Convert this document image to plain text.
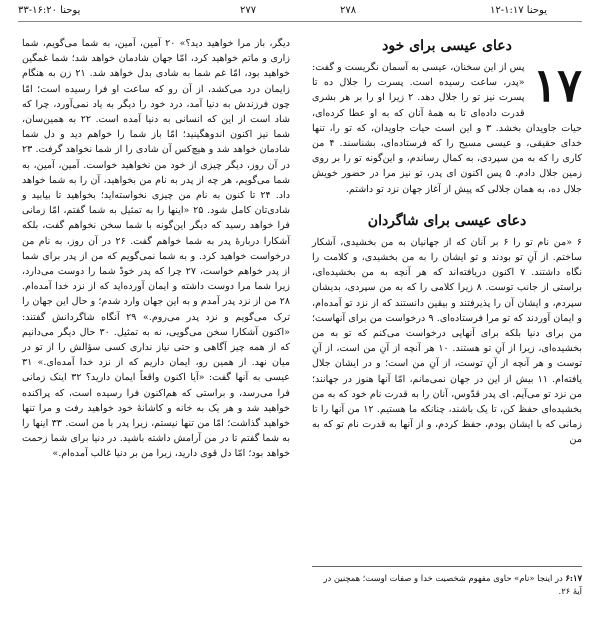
یوحنا ۱۶:۲۰-۳۳	۲۷۷	۲۷۸	یوحنا ۱:۱۷-۱۲

دیگر، باز مرا خواهید دید؟» ۲۰ آمین، آمین، به شما می‌گویم، شما زاری و ماتم خواهید کرد، امّا جهان شادمان خواهد شد؛ شما غمگین خواهید بود، امّا غم شما به شادی بدل خواهد شد. ۲۱ زن به هنگام زایمان درد می‌کشد، از آن رو که ساعت او فرا رسیده است؛ امّا چون فرزندش به دنیا آمد، درد خود را دیگر به یاد نمی‌آورد، چرا که شاد است از این که انسانی به دنیا آمده است. ۲۲ به همین‌سان، شما نیز اکنون اندوهگینید؛ امّا باز شما را خواهم دید و دل شما شادمان خواهد شد و هیچ‌کس آن شادی را از شما نخواهد گرفت. ۲۳ در آن روز، دیگر چیزی از خود من نخواهید خواست. آمین، آمین، به شما می‌گویم، هر چه از پدر به نام من بخواهید، آن را به شما خواهد داد. ۲۴ تا کنون به نام من چیزی نخواسته‌اید؛ بخواهید تا بیابید و شادی‌تان کامل شود. ۲۵ «اینها را به تمثیل به شما گفتم، امّا زمانی فرا خواهد رسید که دیگر این‌گونه با شما سخن نخواهم گفت، بلکه آشکارا دربارهٔ پدر به شما خواهم گفت. ۲۶ در آن روز، به نام من درخواست خواهید کرد. و به شما نمی‌گویم که من از پدر برای شما از پدر خواهم خواست، ۲۷ چرا که پدر خودْ شما را دوست می‌دارد، زیرا شما مرا دوست داشته و ایمان آورده‌اید که از نزد خدا آمده‌ام. ۲۸ من از نزد پدر آمدم و به این جهان وارد شدم؛ و حال این جهان را ترک می‌گویم و نزد پدر می‌روم.» ۲۹ آنگاه شاگردانش گفتند: «اکنون آشکارا سخن می‌گویی، نه به تمثیل. ۳۰ حال دیگر می‌دانیم که از همه چیز آگاهی و حتی نیاز نداری کسی سؤالش را از تو در میان نهد. از همین رو، ایمان داریم که از نزد خدا آمده‌ای.» ۳۱ عیسی به آنها گفت: «آیا اکنون واقعاً ایمان دارید؟ ۳۲ اینک زمانی فرا می‌رسد، و براستی که هم‌اکنون فرا رسیده است، که پراکنده خواهید شد و هر یک به خانه و کاشانهٔ خود خواهید رفت و مرا تنها خواهید گذاشت؛ امّا من تنها نیستم، زیرا پدر با من است. ۳۳ اینها را به شما گفتم تا در من آرامش داشته باشید. در دنیا برای شما زحمت خواهد بود؛ امّا دل قوی دارید، زیرا من بر دنیا غالب آمده‌ام.»

دعای عیسی برای خود
۱۷

پس از این سخنان، عیسی به آسمان نگریست و گفت: «پدر، ساعت رسیده است. پسرت را جلال ده تا پسرت نیز تو را جلال دهد. ۲ زیرا او را بر هر بشری قدرت داده‌ای تا به همهٔ آنان که به او عطا کرده‌ای، حیات جاویدان بخشد. ۳ و این است حیات جاویدان، که تو را، تنها خدای حقیقی، و عیسی مسیح را که فرستاده‌ای، بشناسند. ۴ من کاری را که به من سپردی، به کمال رساندم، و این‌گونه تو را بر روی زمین جلال دادم. ۵ پس اکنون ای پدر، تو نیز مرا در حضور خویش جلال ده، به همان جلالی که پیش از آغاز جهان نزد تو داشتم.

دعای عیسی برای شاگردان

۶ «من نام تو را ۶ بر آنان که از جهانیان به من بخشیدی، آشکار ساختم. از آنِ تو بودند و تو ایشان را به من بخشیدی، و کلامت را نگاه داشتند. ۷ اکنون دریافته‌اند که هر آنچه به من بخشیده‌ای، براستی از جانب توست. ۸ زیرا کلامی را که به من سپردی، بدیشان سپردم، و ایشان آن را پذیرفتند و بیقین دانستند که از نزد تو آمده‌ام، و ایمان آوردند که تو مرا فرستاده‌ای. ۹ درخواست من برای آنهاست؛ من برای دنیا بلکه برای آنهایی درخواست می‌کنم که تو به من بخشیده‌ای، زیرا از آنِ تو هستند. ۱۰ هر آنچه از آنِ من است، از آنِ توست و هر آنچه از آنِ توست، از آنِ من است؛ و در ایشان جلال یافته‌ام. ۱۱ بیش از این در جهان نمی‌مانم، امّا آنها هنوز در جهانند؛ من نزد تو می‌آیم. ای پدر قدّوس، آنان را به قدرت نام خود که به من بخشیده‌ای حفظ کن، تا یک باشند، چنانکه ما هستیم. ۱۲ من آنها را تا زمانی که با ایشان بودم، حفظ کردم، و از آنها به قدرت نام تو که به من

۶:۱۷ در اینجا «نام» حاوی مفهوم شخصیت خدا و صفات اوست؛ همچنین در آیهٔ ۲۶.
